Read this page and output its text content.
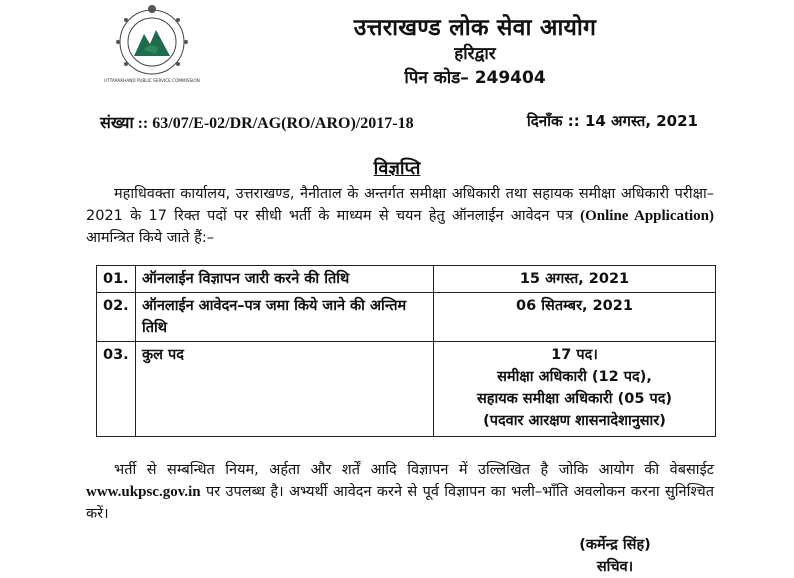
UTTARAKHAND PUBLIC SERVICE COMMISSION
उत्तराखण्ड लोक सेवा आयोग
हरिद्वार
पिन कोड– 249404
संख्या :: 63/07/E-02/DR/AG(RO/ARO)/2017-18	दिनाँक :: 14 अगस्त, 2021
विज्ञप्ति
महाधिवक्ता कार्यालय, उत्तराखण्ड, नैनीताल के अन्तर्गत समीक्षा अधिकारी तथा सहायक समीक्षा अधिकारी परीक्षा–2021 के 17 रिक्त पदों पर सीधी भर्ती के माध्यम से चयन हेतु ऑनलाईन आवेदन पत्र (Online Application) आमन्त्रित किये जाते हैं:–
01.	ऑनलाईन विज्ञापन जारी करने की तिथि	15 अगस्त, 2021
02.	ऑनलाईन आवेदन–पत्र जमा किये जाने की अन्तिम तिथि	06 सितम्बर, 2021
03.	कुल पद	17 पद।
समीक्षा अधिकारी (12 पद),
सहायक समीक्षा अधिकारी (05 पद)
(पदवार आरक्षण शासनादेशानुसार)
भर्ती से सम्बन्धित नियम, अर्हता और शर्तें आदि विज्ञापन में उल्लिखित है जोकि आयोग की वेबसाईट www.ukpsc.gov.in पर उपलब्ध है। अभ्यर्थी आवेदन करने से पूर्व विज्ञापन का भली–भाँति अवलोकन करना सुनिश्चित करें।
(कर्मेन्द्र सिंह)
सचिव।
